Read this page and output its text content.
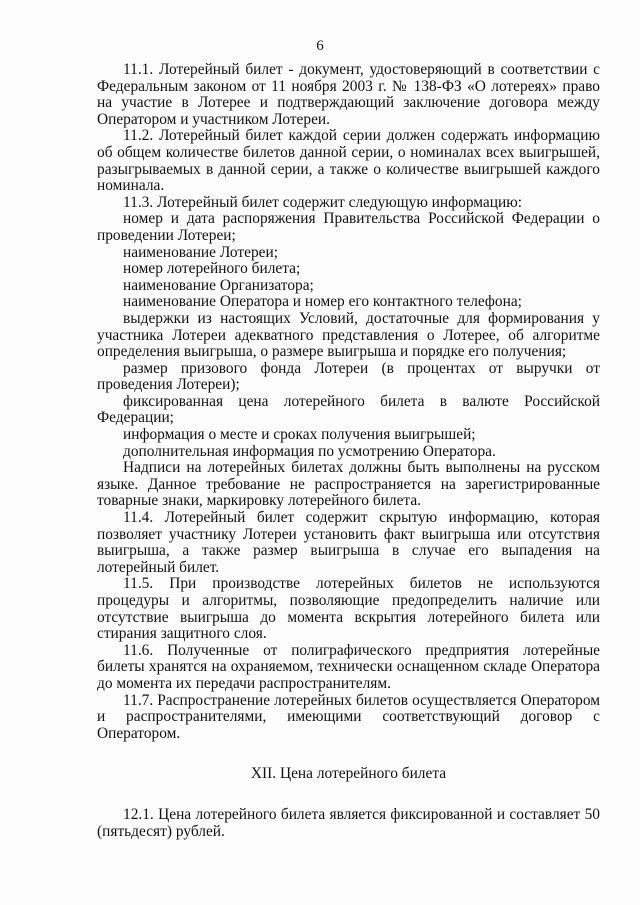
6

11.1. Лотерейный билет - документ, удостоверяющий в соответствии с Федеральным законом от 11 ноября 2003 г. № 138-ФЗ «О лотереях» право на участие в Лотерее и подтверждающий заключение договора между Оператором и участником Лотереи.

11.2. Лотерейный билет каждой серии должен содержать информацию об общем количестве билетов данной серии, о номиналах всех выигрышей, разыгрываемых в данной серии, а также о количестве выигрышей каждого номинала.

11.3. Лотерейный билет содержит следующую информацию:

номер и дата распоряжения Правительства Российской Федерации о проведении Лотереи;

наименование Лотереи;

номер лотерейного билета;

наименование Организатора;

наименование Оператора и номер его контактного телефона;

выдержки из настоящих Условий, достаточные для формирования у участника Лотереи адекватного представления о Лотерее, об алгоритме определения выигрыша, о размере выигрыша и порядке его получения;

размер призового фонда Лотереи (в процентах от выручки от проведения Лотереи);

фиксированная цена лотерейного билета в валюте Российской Федерации;

информация о месте и сроках получения выигрышей;

дополнительная информация по усмотрению Оператора.

Надписи на лотерейных билетах должны быть выполнены на русском языке. Данное требование не распространяется на зарегистрированные товарные знаки, маркировку лотерейного билета.

11.4. Лотерейный билет содержит скрытую информацию, которая позволяет участнику Лотереи установить факт выигрыша или отсутствия выигрыша, а также размер выигрыша в случае его выпадения на лотерейный билет.

11.5. При производстве лотерейных билетов не используются процедуры и алгоритмы, позволяющие предопределить наличие или отсутствие выигрыша до момента вскрытия лотерейного билета или стирания защитного слоя.

11.6. Полученные от полиграфического предприятия лотерейные билеты хранятся на охраняемом, технически оснащенном складе Оператора до момента их передачи распространителям.

11.7. Распространение лотерейных билетов осуществляется Оператором и распространителями, имеющими соответствующий договор с Оператором.

XII. Цена лотерейного билета

12.1. Цена лотерейного билета является фиксированной и составляет 50 (пятьдесят) рублей.
